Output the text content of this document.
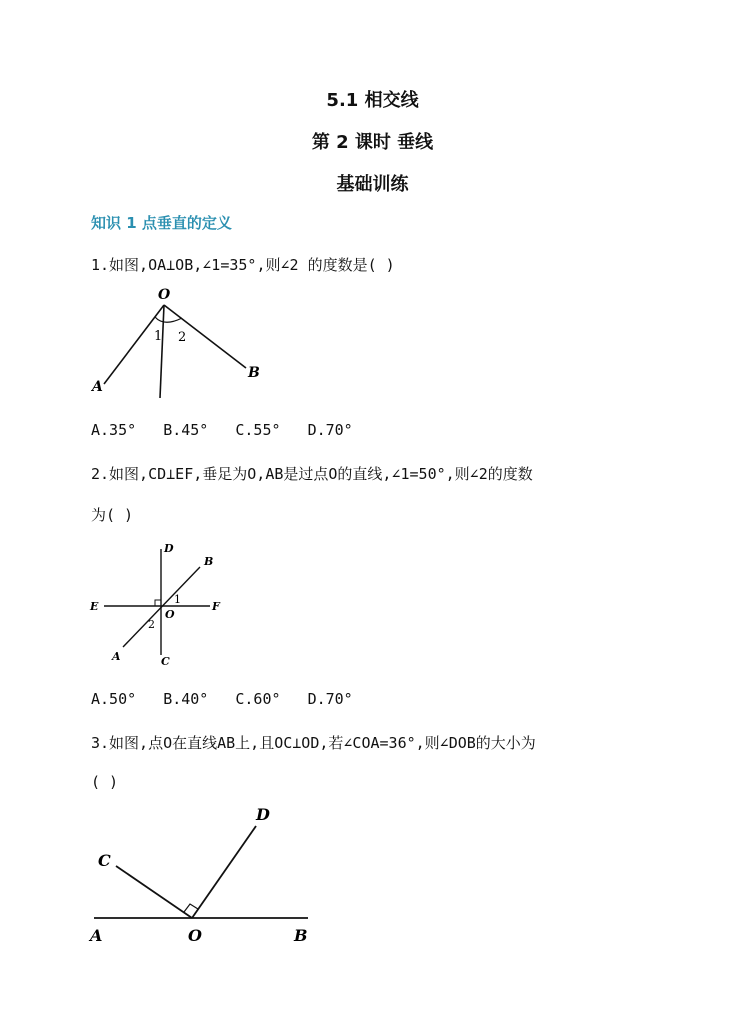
5.1 相交线
第 2 课时 垂线
基础训练
知识 1 点垂直的定义
1.如图,OA⊥OB,∠1=35°,则∠2 的度数是( )
O
A
B
1 2
A.35° B.45° C.55° D.70°
2.如图,CD⊥EF,垂足为O,AB是过点O的直线,∠1=50°,则∠2的度数
为( )
D
B
E	F
O
1
2
A	C
A.50° B.40° C.60° D.70°
3.如图,点O在直线AB上,且OC⊥OD,若∠COA=36°,则∠DOB的大小为
( )
C
D
A	O	B
